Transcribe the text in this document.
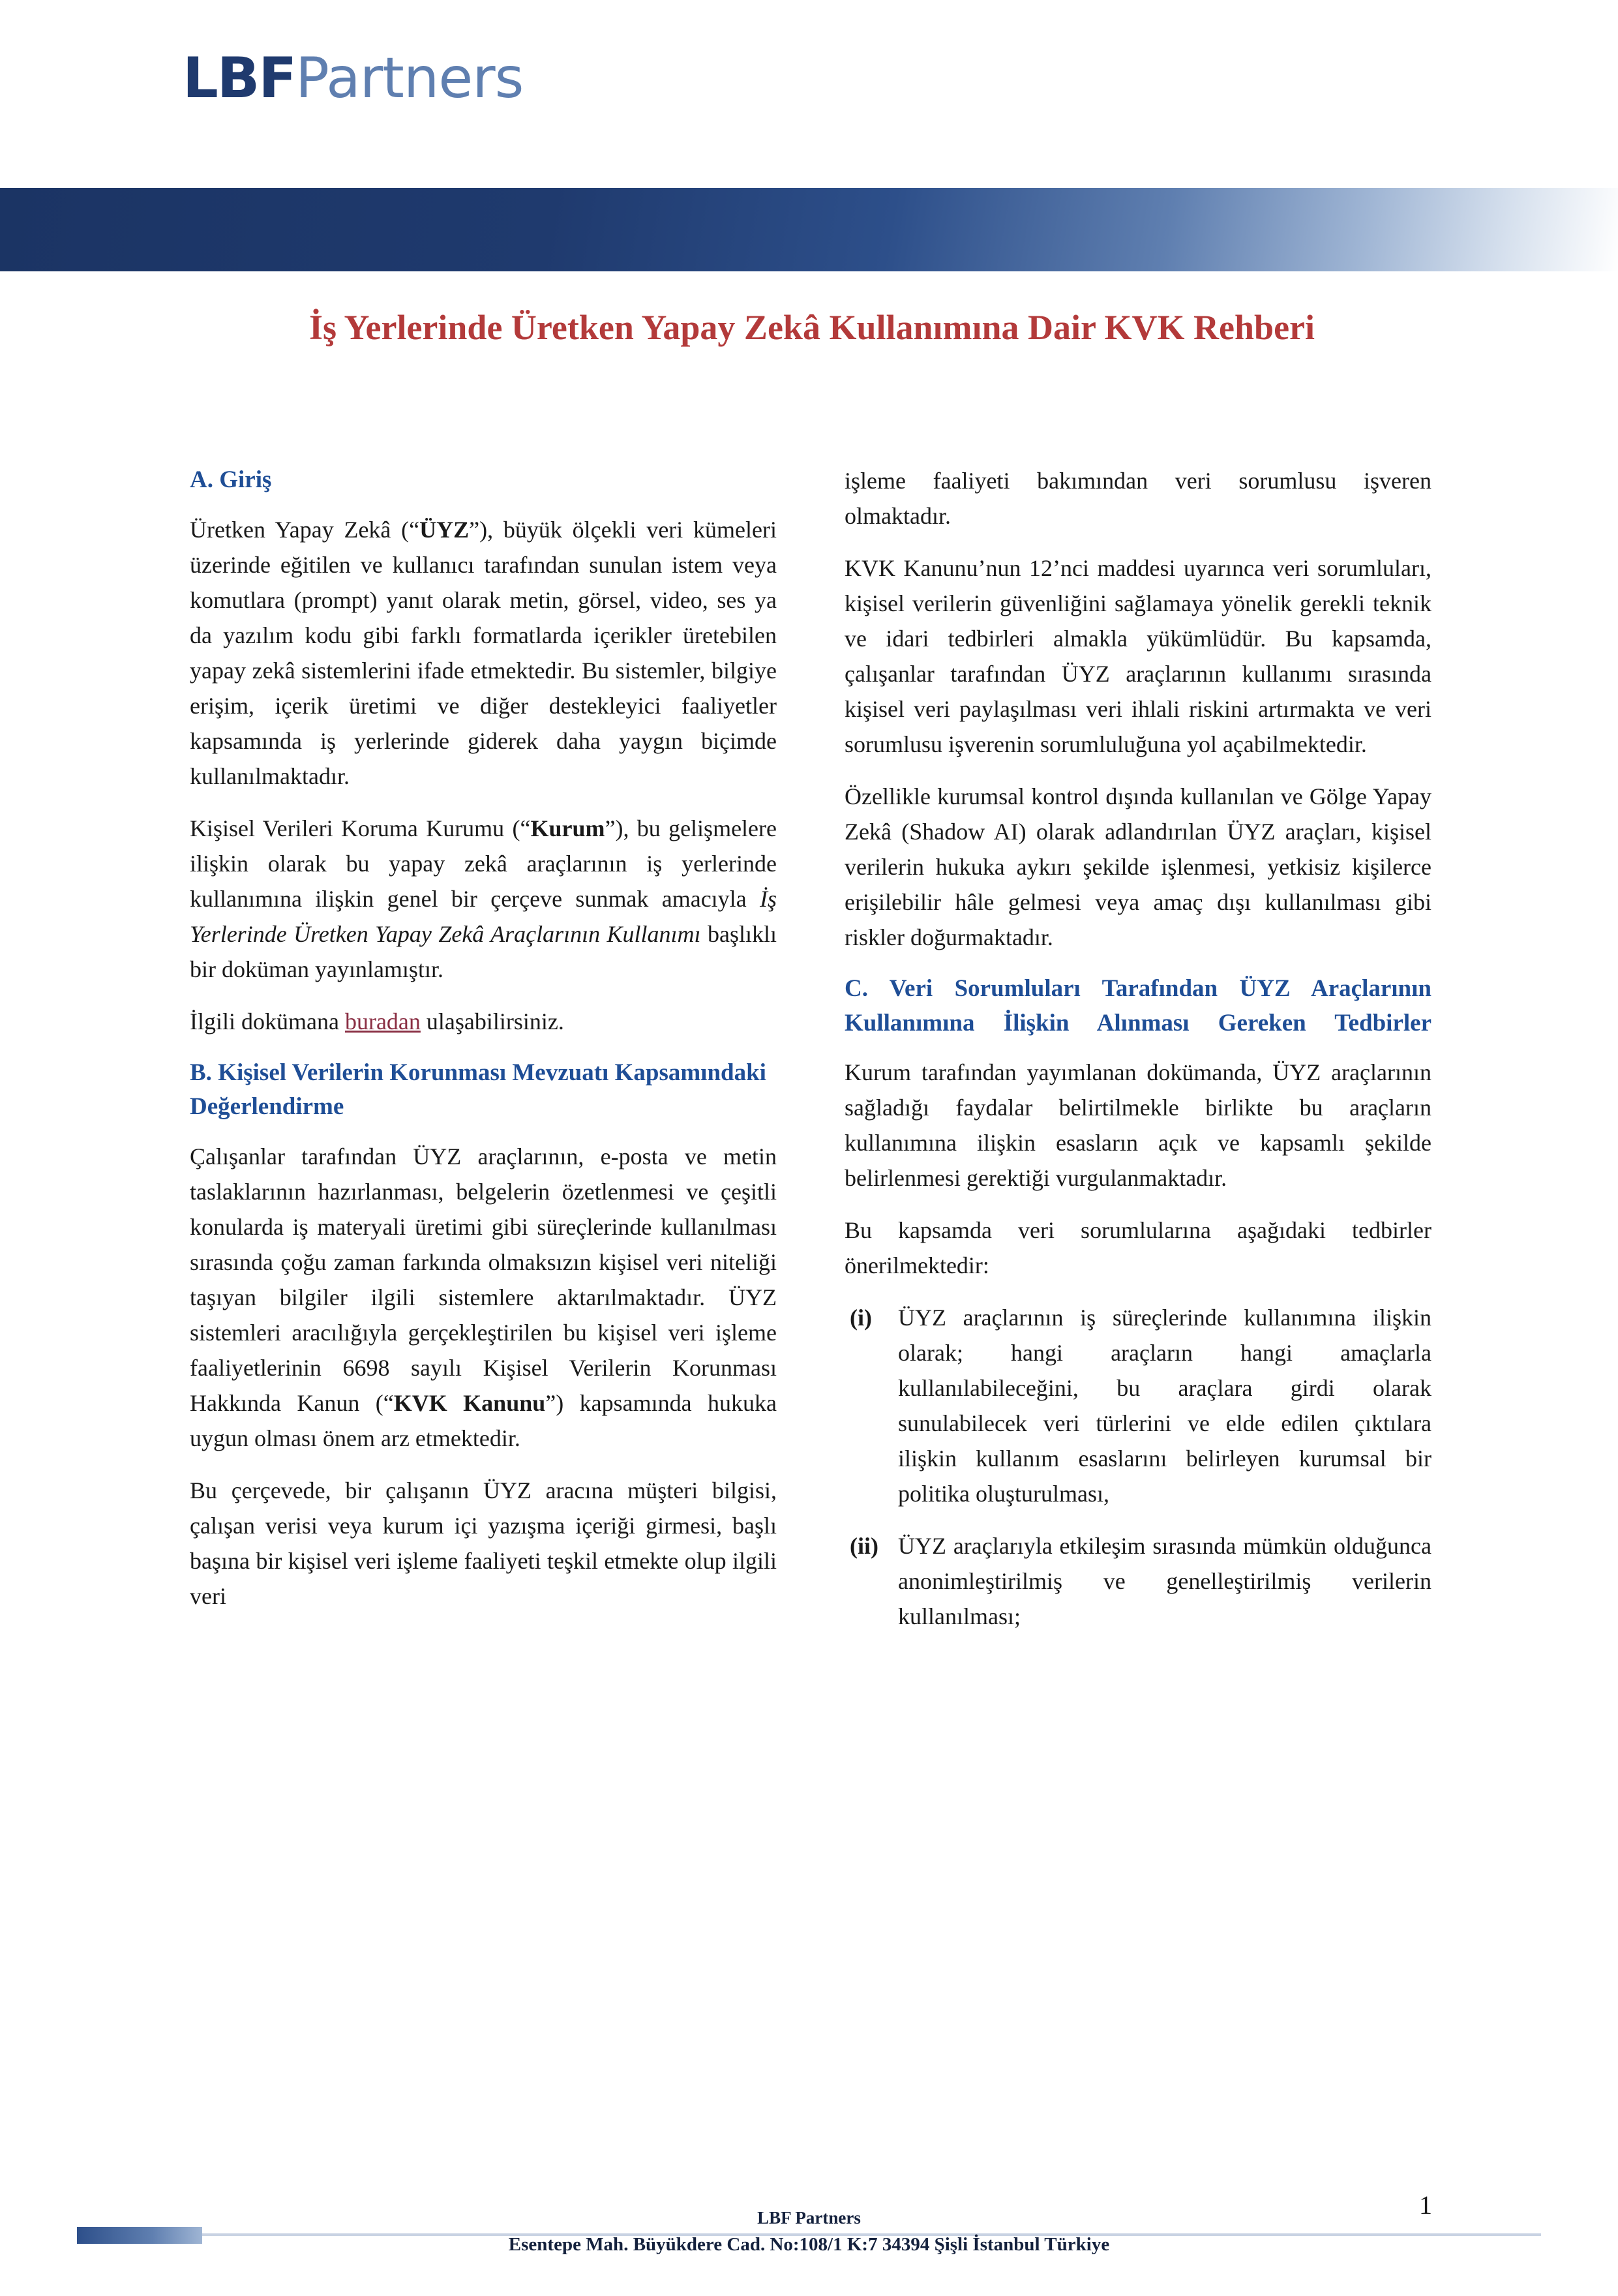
LBF Partners
İş Yerlerinde Üretken Yapay Zekâ Kullanımına Dair KVK Rehberi
A. Giriş

Üretken Yapay Zekâ (“ÜYZ”), büyük ölçekli veri kümeleri üzerinde eğitilen ve kullanıcı tarafından sunulan istem veya komutlara (prompt) yanıt olarak metin, görsel, video, ses ya da yazılım kodu gibi farklı formatlarda içerikler üretebilen yapay zekâ sistemlerini ifade etmektedir. Bu sistemler, bilgiye erişim, içerik üretimi ve diğer destekleyici faaliyetler kapsamında iş yerlerinde giderek daha yaygın biçimde kullanılmaktadır.

Kişisel Verileri Koruma Kurumu (“Kurum”), bu gelişmelere ilişkin olarak bu yapay zekâ araçlarının iş yerlerinde kullanımına ilişkin genel bir çerçeve sunmak amacıyla İş Yerlerinde Üretken Yapay Zekâ Araçlarının Kullanımı başlıklı bir doküman yayınlamıştır.

İlgili dokümana buradan ulaşabilirsiniz.

B. Kişisel Verilerin Korunması Mevzuatı Kapsamındaki Değerlendirme

Çalışanlar tarafından ÜYZ araçlarının, e-posta ve metin taslaklarının hazırlanması, belgelerin özetlenmesi ve çeşitli konularda iş materyali üretimi gibi süreçlerinde kullanılması sırasında çoğu zaman farkında olmaksızın kişisel veri niteliği taşıyan bilgiler ilgili sistemlere aktarılmaktadır. ÜYZ sistemleri aracılığıyla gerçekleştirilen bu kişisel veri işleme faaliyetlerinin 6698 sayılı Kişisel Verilerin Korunması Hakkında Kanun (“KVK Kanunu”) kapsamında hukuka uygun olması önem arz etmektedir.

Bu çerçevede, bir çalışanın ÜYZ aracına müşteri bilgisi, çalışan verisi veya kurum içi yazışma içeriği girmesi, başlı başına bir kişisel veri işleme faaliyeti teşkil etmekte olup ilgili veri

işleme faaliyeti bakımından veri sorumlusu işveren olmaktadır.

KVK Kanunu’nun 12’nci maddesi uyarınca veri sorumluları, kişisel verilerin güvenliğini sağlamaya yönelik gerekli teknik ve idari tedbirleri almakla yükümlüdür. Bu kapsamda, çalışanlar tarafından ÜYZ araçlarının kullanımı sırasında kişisel veri paylaşılması veri ihlali riskini artırmakta ve veri sorumlusu işverenin sorumluluğuna yol açabilmektedir.

Özellikle kurumsal kontrol dışında kullanılan ve Gölge Yapay Zekâ (Shadow AI) olarak adlandırılan ÜYZ araçları, kişisel verilerin hukuka aykırı şekilde işlenmesi, yetkisiz kişilerce erişilebilir hâle gelmesi veya amaç dışı kullanılması gibi riskler doğurmaktadır.

C. Veri Sorumluları Tarafından ÜYZ Araçlarının Kullanımına İlişkin Alınması Gereken Tedbirler

Kurum tarafından yayımlanan dokümanda, ÜYZ araçlarının sağladığı faydalar belirtilmekle birlikte bu araçların kullanımına ilişkin esasların açık ve kapsamlı şekilde belirlenmesi gerektiği vurgulanmaktadır.

Bu kapsamda veri sorumlularına aşağıdaki tedbirler önerilmektedir:

(i)	ÜYZ araçlarının iş süreçlerinde kullanımına ilişkin olarak; hangi araçların hangi amaçlarla kullanılabileceğini, bu araçlara girdi olarak sunulabilecek veri türlerini ve elde edilen çıktılara ilişkin kullanım esaslarını belirleyen kurumsal bir politika oluşturulması,
(ii) ÜYZ araçlarıyla etkileşim sırasında mümkün olduğunca anonimleştirilmiş ve genelleştirilmiş verilerin kullanılması;
1
LBF Partners
Esentepe Mah. Büyükdere Cad. No:108/1 K:7 34394 Şişli İstanbul Türkiye
